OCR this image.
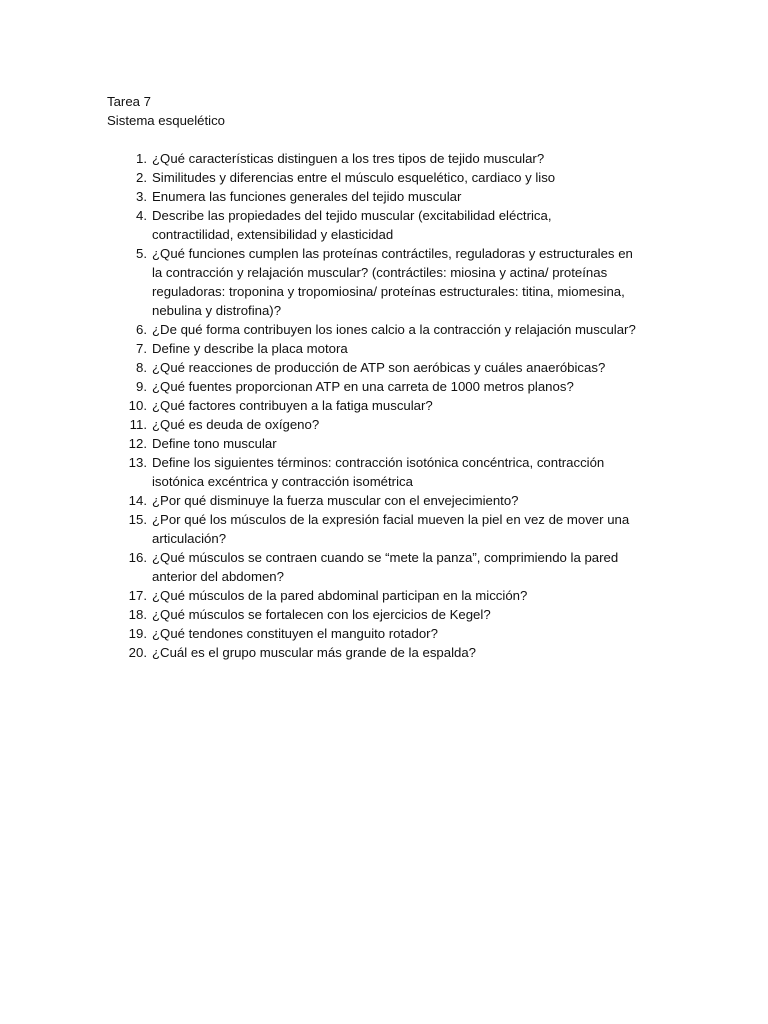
Tarea 7
Sistema esquelético
1. ¿Qué características distinguen a los tres tipos de tejido muscular?
2. Similitudes y diferencias entre el músculo esquelético, cardiaco y liso
3. Enumera las funciones generales del tejido muscular
4. Describe las propiedades del tejido muscular (excitabilidad eléctrica,
contractilidad, extensibilidad y elasticidad
5. ¿Qué funciones cumplen las proteínas contráctiles, reguladoras y estructurales en
la contracción y relajación muscular? (contráctiles: miosina y actina/ proteínas
reguladoras: troponina y tropomiosina/ proteínas estructurales: titina, miomesina,
nebulina y distrofina)?
6. ¿De qué forma contribuyen los iones calcio a la contracción y relajación muscular?
7. Define y describe la placa motora
8. ¿Qué reacciones de producción de ATP son aeróbicas y cuáles anaeróbicas?
9. ¿Qué fuentes proporcionan ATP en una carreta de 1000 metros planos?
10. ¿Qué factores contribuyen a la fatiga muscular?
11. ¿Qué es deuda de oxígeno?
12. Define tono muscular
13. Define los siguientes términos: contracción isotónica concéntrica, contracción
isotónica excéntrica y contracción isométrica
14. ¿Por qué disminuye la fuerza muscular con el envejecimiento?
15. ¿Por qué los músculos de la expresión facial mueven la piel en vez de mover una
articulación?
16. ¿Qué músculos se contraen cuando se “mete la panza”, comprimiendo la pared
anterior del abdomen?
17. ¿Qué músculos de la pared abdominal participan en la micción?
18. ¿Qué músculos se fortalecen con los ejercicios de Kegel?
19. ¿Qué tendones constituyen el manguito rotador?
20. ¿Cuál es el grupo muscular más grande de la espalda?
